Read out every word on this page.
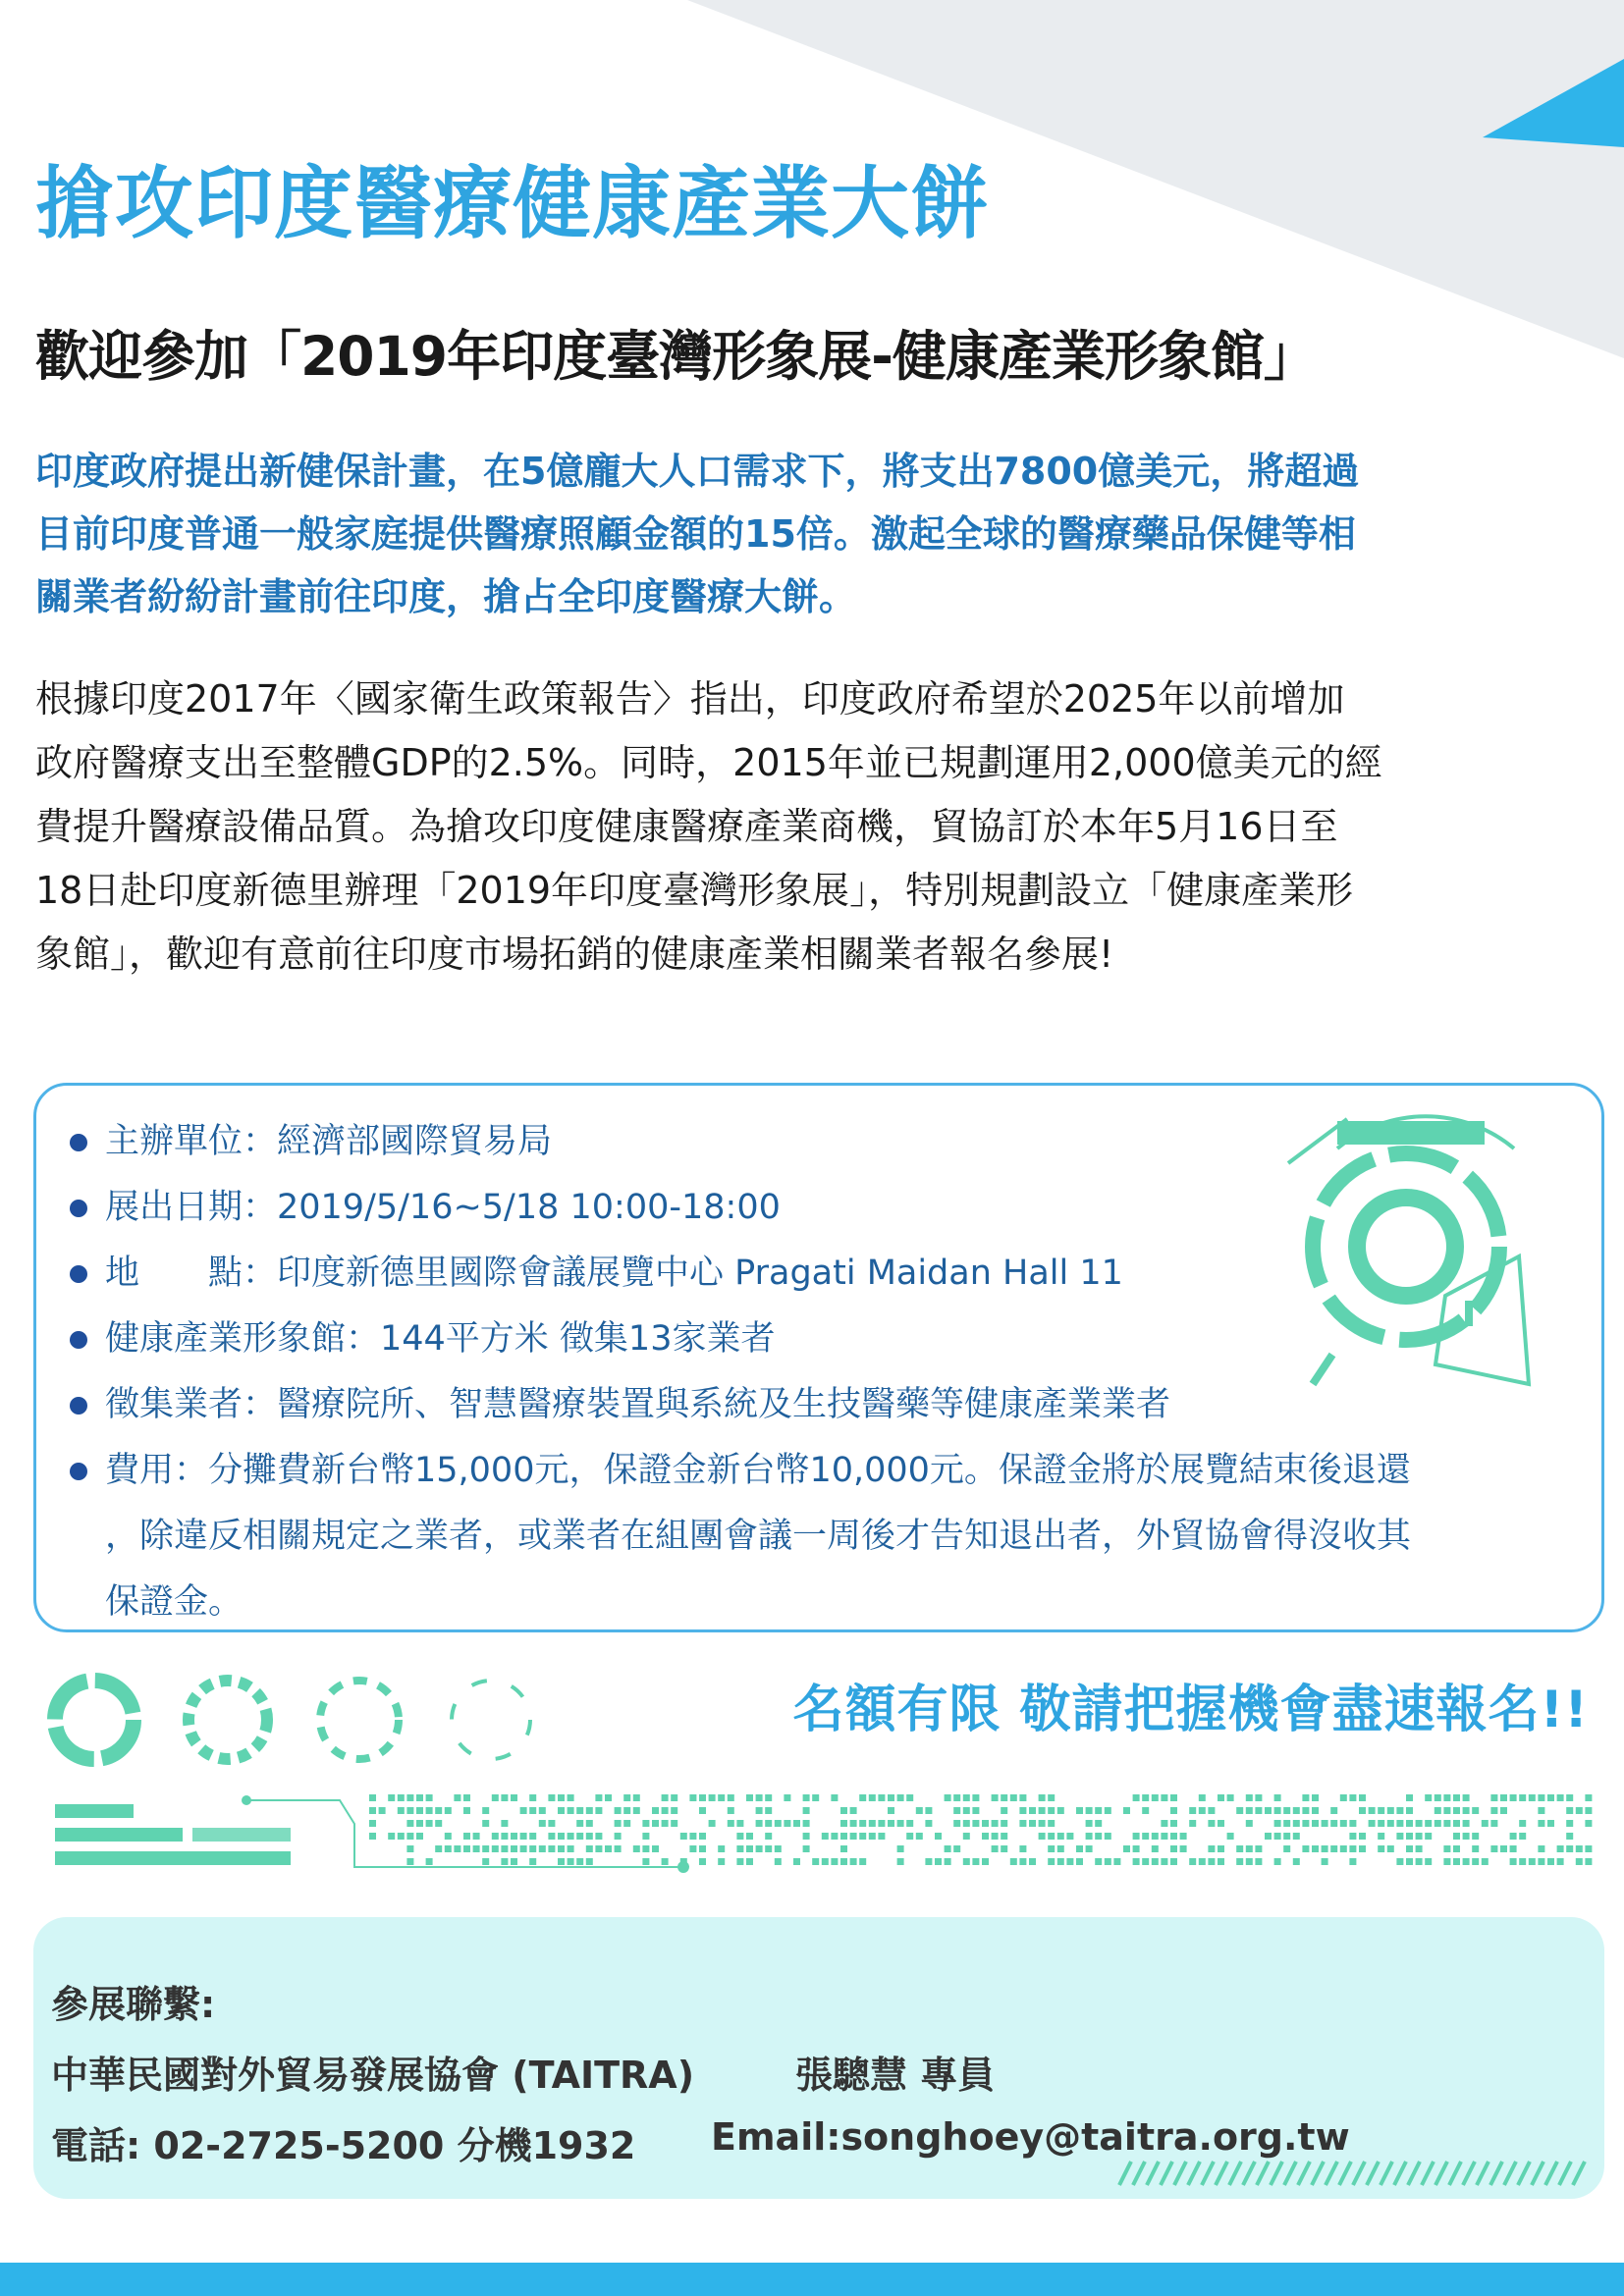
搶攻印度醫療健康產業大餅
歡迎參加「2019年印度臺灣形象展-健康產業形象館」

印度政府提出新健保計畫，在5億龐大人口需求下，將支出7800億美元，將超過
目前印度普通一般家庭提供醫療照顧金額的15倍。激起全球的醫療藥品保健等相
關業者紛紛計畫前往印度，搶占全印度醫療大餅。

根據印度2017年〈國家衛生政策報告〉指出，印度政府希望於2025年以前增加
政府醫療支出至整體GDP的2.5%。同時，2015年並已規劃運用2,000億美元的經
費提升醫療設備品質。為搶攻印度健康醫療產業商機，貿協訂於本年5月16日至
18日赴印度新德里辦理「2019年印度臺灣形象展」，特別規劃設立「健康產業形
象館」，歡迎有意前往印度市場拓銷的健康產業相關業者報名參展!

主辦單位：經濟部國際貿易局
展出日期：2019/5/16~5/18 10:00-18:00
地　　點：印度新德里國際會議展覽中心 Pragati Maidan Hall 11
健康產業形象館：144平方米 徵集13家業者
徵集業者：醫療院所、智慧醫療裝置與系統及生技醫藥等健康產業業者
費用：分攤費新台幣15,000元，保證金新台幣10,000元。保證金將於展覽結束後退還
，除違反相關規定之業者，或業者在組團會議一周後才告知退出者，外貿協會得沒收其
保證金。

名額有限 敬請把握機會盡速報名!!

參展聯繫:

中華民國對外貿易發展協會 (TAITRA)	張驄慧 專員

電話: 02-2725-5200 分機1932 Email:songhoey@taitra.org.tw
